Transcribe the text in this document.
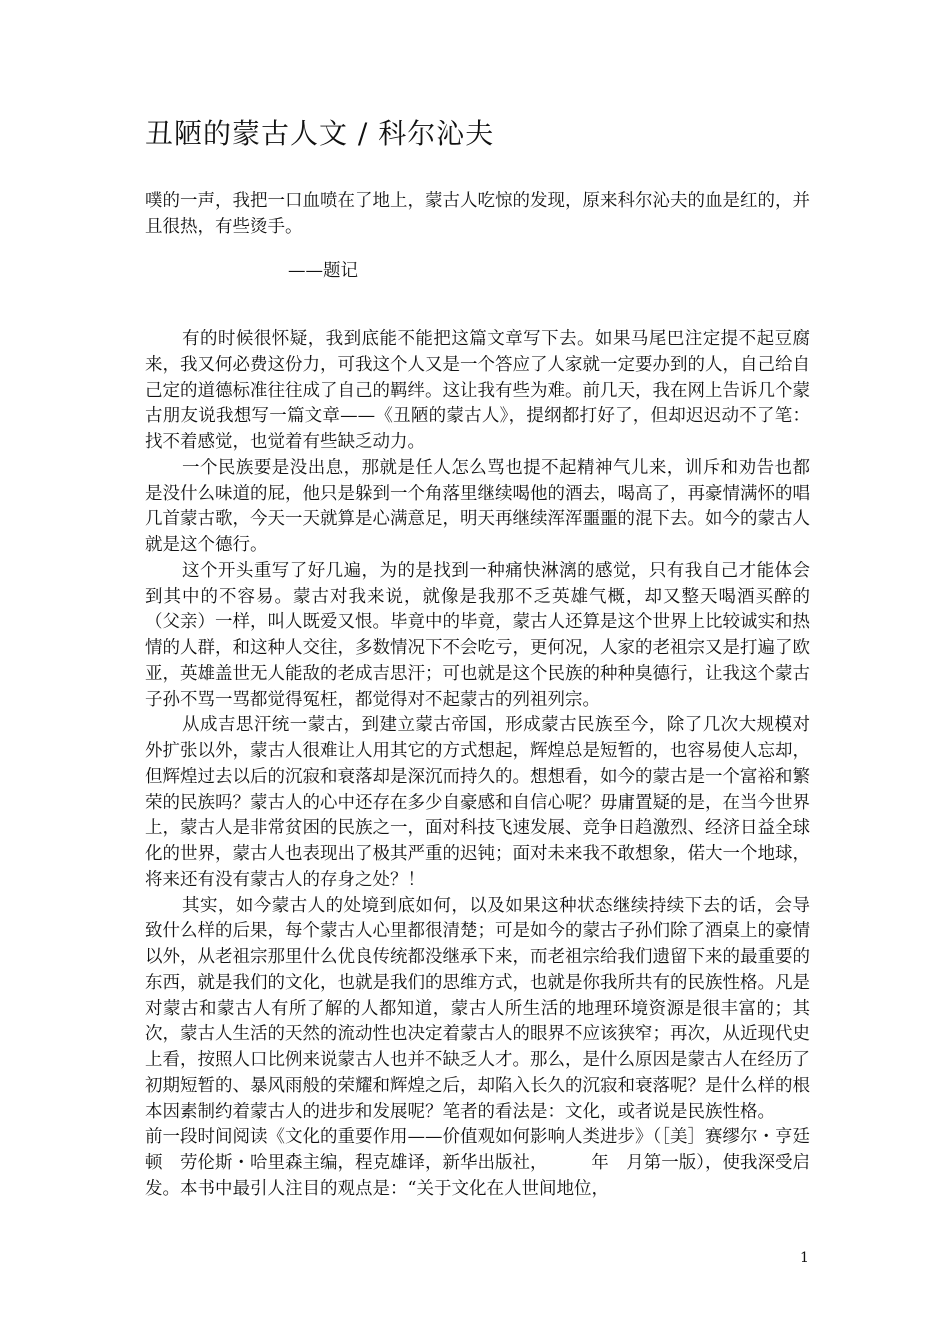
丑陋的蒙古人文 / 科尔沁夫

噗的一声，我把一口血喷在了地上，蒙古人吃惊的发现，原来科尔沁夫的血是红的，并且很热，有些烫手。

——题记

有的时候很怀疑，我到底能不能把这篇文章写下去。如果马尾巴注定提不起豆腐来，我又何必费这份力，可我这个人又是一个答应了人家就一定要办到的人，自己给自己定的道德标准往往成了自己的羁绊。这让我有些为难。前几天，我在网上告诉几个蒙古朋友说我想写一篇文章——《丑陋的蒙古人》，提纲都打好了，但却迟迟动不了笔：找不着感觉，也觉着有些缺乏动力。

一个民族要是没出息，那就是任人怎么骂也提不起精神气儿来，训斥和劝告也都是没什么味道的屁，他只是躲到一个角落里继续喝他的酒去，喝高了，再豪情满怀的唱几首蒙古歌，今天一天就算是心满意足，明天再继续浑浑噩噩的混下去。如今的蒙古人就是这个德行。

这个开头重写了好几遍，为的是找到一种痛快淋漓的感觉，只有我自己才能体会到其中的不容易。蒙古对我来说，就像是我那不乏英雄气概，却又整天喝酒买醉的　　（父亲）一样，叫人既爱又恨。毕竟中的毕竟，蒙古人还算是这个世界上比较诚实和热情的人群，和这种人交往，多数情况下不会吃亏，更何况，人家的老祖宗又是打遍了欧亚，英雄盖世无人能敌的老成吉思汗；可也就是这个民族的种种臭德行，让我这个蒙古子孙不骂一骂都觉得冤枉，都觉得对不起蒙古的列祖列宗。

从成吉思汗统一蒙古，到建立蒙古帝国，形成蒙古民族至今，除了几次大规模对外扩张以外，蒙古人很难让人用其它的方式想起，辉煌总是短暂的，也容易使人忘却，但辉煌过去以后的沉寂和衰落却是深沉而持久的。想想看，如今的蒙古是一个富裕和繁荣的民族吗？蒙古人的心中还存在多少自豪感和自信心呢？毋庸置疑的是，在当今世界上，蒙古人是非常贫困的民族之一，面对科技飞速发展、竞争日趋激烈、经济日益全球化的世界，蒙古人也表现出了极其严重的迟钝；面对未来我不敢想象，偌大一个地球，将来还有没有蒙古人的存身之处？！

其实，如今蒙古人的处境到底如何，以及如果这种状态继续持续下去的话，会导致什么样的后果，每个蒙古人心里都很清楚；可是如今的蒙古子孙们除了酒桌上的豪情以外，从老祖宗那里什么优良传统都没继承下来，而老祖宗给我们遗留下来的最重要的东西，就是我们的文化，也就是我们的思维方式，也就是你我所共有的民族性格。凡是对蒙古和蒙古人有所了解的人都知道，蒙古人所生活的地理环境资源是很丰富的；其次，蒙古人生活的天然的流动性也决定着蒙古人的眼界不应该狭窄；再次，从近现代史上看，按照人口比例来说蒙古人也并不缺乏人才。那么，是什么原因是蒙古人在经历了初期短暂的、暴风雨般的荣耀和辉煌之后，却陷入长久的沉寂和衰落呢？是什么样的根本因素制约着蒙古人的进步和发展呢？笔者的看法是：文化，或者说是民族性格。

前一段时间阅读《文化的重要作用——价值观如何影响人类进步》（［美］赛缪尔・亨廷顿　劳伦斯・哈里森主编，程克雄译，新华出版社，　　　年　月第一版），使我深受启发。本书中最引人注目的观点是：“关于文化在人世间地位，

1
